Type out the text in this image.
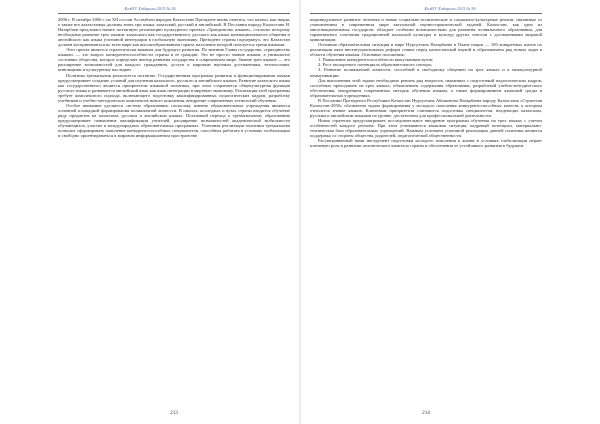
КазНУ Хабаршы 2015 № 56

2006 г. В октябре 2006 г. на XII сессии Ассамблеи народов Казахстана Президент вновь отметил, что казахи, как нация, а также все казахстанцы должны знать три языка: казахский, русский и английский. В Послании народу Казахстана Н. Назарбаев предложил начать поэтапную реализацию культурного проекта «Триединство языков», согласно которому необходимо развитие трех языков: казахского как государственного, русского как языка межнационального общения и английского как языка успешной интеграции в глобальную экономику. Президент страны подчеркнул, что Казахстан должен восприниматься во всем мире как высокообразованная страна, население которой пользуется тремя языками.

Этот проект является стратегически важным для будущего развития. По мнению Главы государства, «триединство языков» — это вопрос конкурентоспособности страны и ее граждан. Это не просто знание языков, а уникальное состояние общества, которое определяет вектор развития государства в современном мире. Знание трех языков — это расширение возможностей для каждого гражданина, доступ к мировым научным достижениям, технологиям, инновациям и культурному наследию.

Политика трехъязычия реализуется поэтапно. Государственная программа развития и функционирования языков предусматривает создание условий для изучения казахского, русского и английского языков. Развитие казахского языка как государственного является приоритетом языковой политики, при этом сохраняется общекультурная функция русского языка и развивается английский язык как язык интеграции в мировую экономику. Реализация этой программы требует комплексного подхода, включающего подготовку квалифицированных педагогических кадров, разработку учебников и учебно-методических комплексов нового поколения, внедрение современных технологий обучения.

Особое внимание уделяется системе образования, поскольку именно образовательные учреждения являются основной площадкой формирования полиязычной личности. В школах, колледжах и вузах страны вводится обучение ряду предметов на казахском, русском и английском языках. Поэтапный переход к трехъязычному образованию предусматривает повышение квалификации учителей, расширение возможностей академической мобильности обучающихся, участие в международных образовательных программах. Успешная реализация политики трехъязычия позволит сформировать поколение конкурентоспособных специалистов, способных работать в условиях глобализации и свободно ориентироваться в мировом информационном пространстве.

213
КазНУ Хабаршы 2015 № 56

индивидуальное развитие человека и новые социально-политические и социально-культурные реалии, связанные со становлением в современном мире актуальной научно-практической задачей. Казахстан, как одно из многонациональных государств, обладает особыми возможностями для развития полиязычного образования, для гармоничного сочетания традиционной казахской культуры и культур других этносов с достижениями мировой цивилизации.

Основная образовательная ситуация в мире Нурсултана Назарбаева в Плане нации — 100 конкретных шагов по реализации пяти институциональных реформ ставит перед казахстанской наукой и образованием ряд новых задач в области обучения языкам. Основные положения:

1. Повышение конкурентоспособности выпускников вузов;

2. Рост экспортного потенциала образовательного сектора;

3. Развитие полиязычной личности, способной к свободному общению на трех языках и к межкультурной коммуникации.

Для выполнения этой задачи необходимо решить ряд вопросов, связанных с подготовкой педагогических кадров, способных преподавать на трех языках, обновлением содержания образования, разработкой учебно-методического обеспечения, внедрением современных методик обучения языкам, а также формированием языковой среды в образовательных учреждениях.

В Послании Президента Республики Казахстан Нурсултана Абишевича Назарбаева народу Казахстана «Стратегия Казахстан-2050» обозначена задача формирования у молодого поколения конкурентоспособных качеств, к которым относится знание языков. Ключевым приоритетом становится подготовка специалистов, владеющих казахским, русским и английским языками на уровне, достаточном для профессиональной деятельности.

Новая стратегия предусматривает последовательное внедрение программы обучения на трех языках с учетом особенностей каждого региона. При этом учитываются языковая ситуация, кадровый потенциал, материально-техническая база образовательных учреждений. Важным условием успешной реализации данной политики является поддержка со стороны общества, родителей, педагогической общественности.

Рассматриваемый нами инструмент подготовки молодого поколения к жизни в условиях глобализации играет ключевую роль в развитии человеческого капитала страны и обеспечении ее устойчивого развития в будущем.

214
